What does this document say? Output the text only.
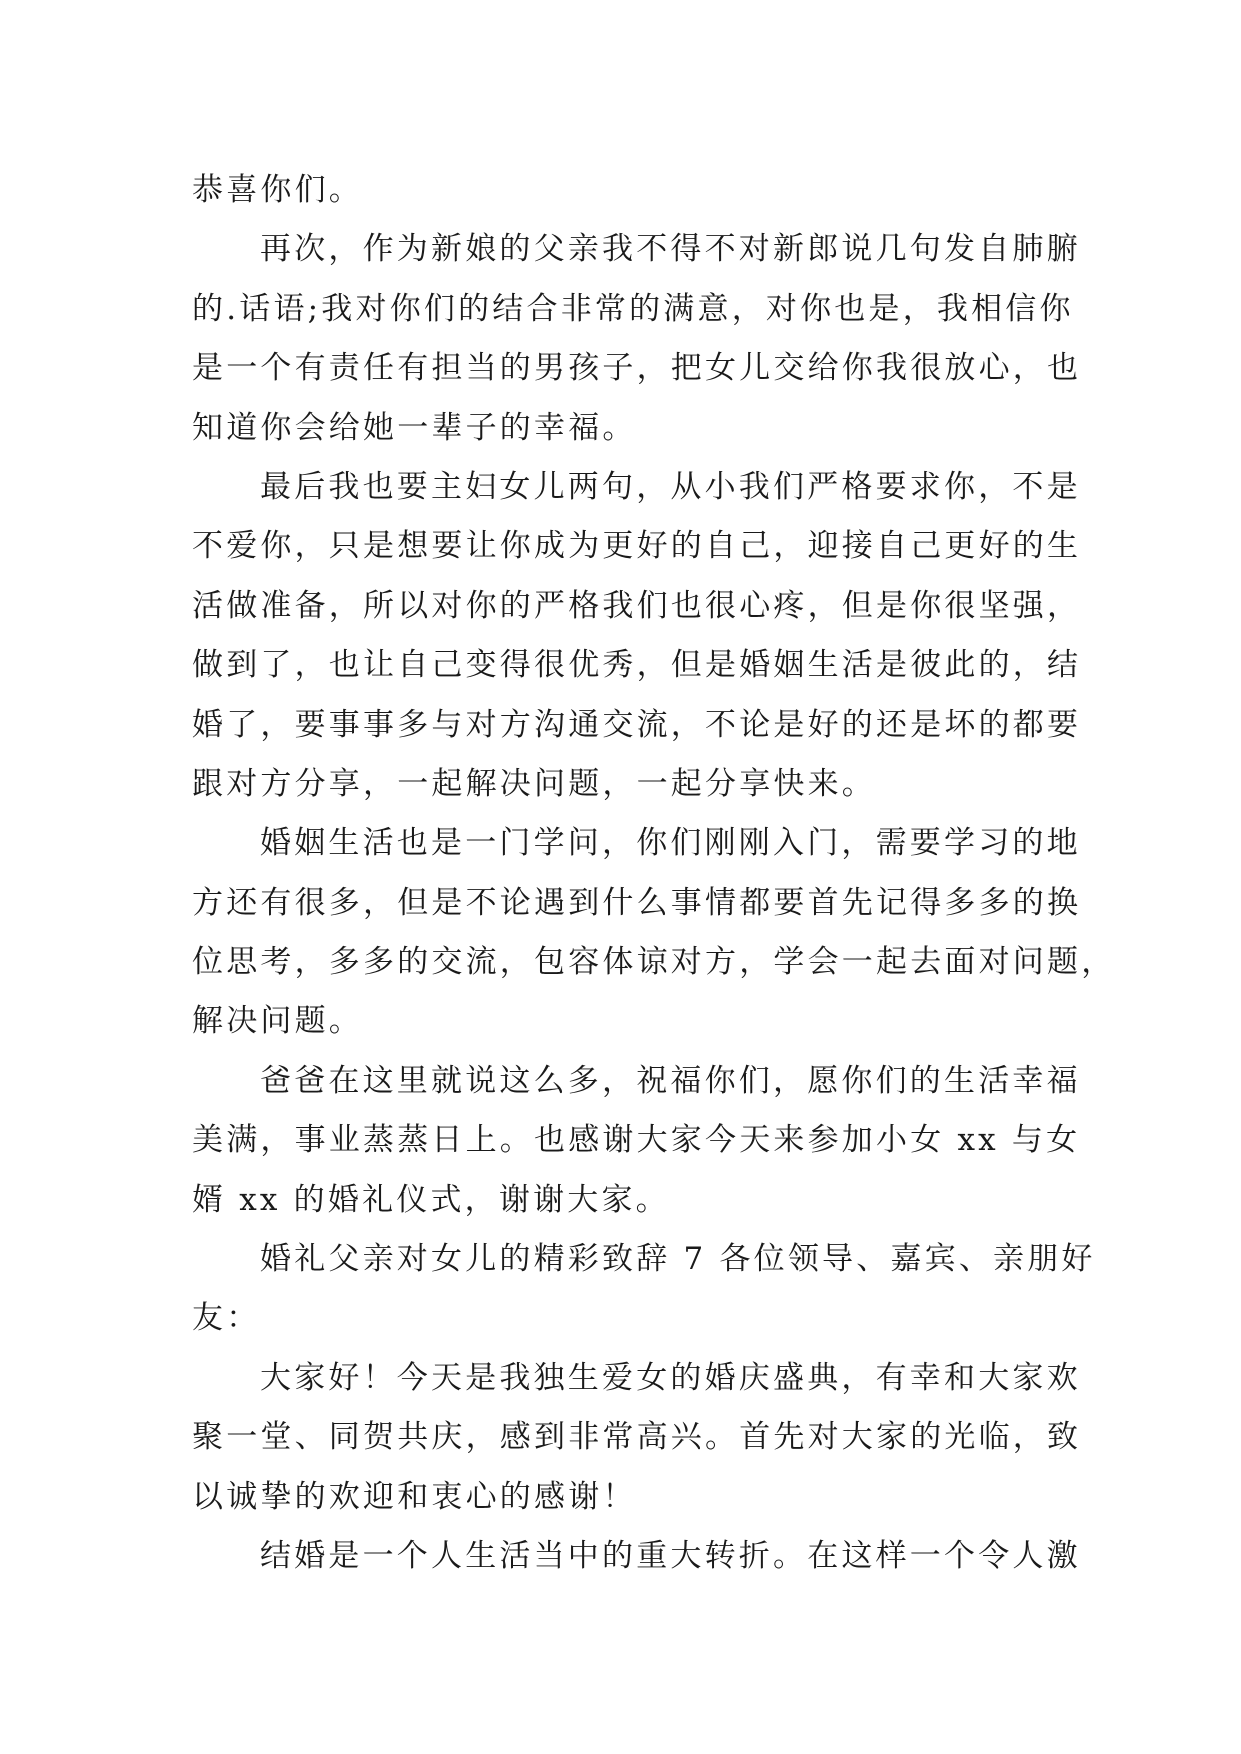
恭喜你们。
再次，作为新娘的父亲我不得不对新郎说几句发自肺腑
的.话语;我对你们的结合非常的满意，对你也是，我相信你
是一个有责任有担当的男孩子，把女儿交给你我很放心，也
知道你会给她一辈子的幸福。
最后我也要主妇女儿两句，从小我们严格要求你，不是
不爱你，只是想要让你成为更好的自己，迎接自己更好的生
活做准备，所以对你的严格我们也很心疼，但是你很坚强，
做到了，也让自己变得很优秀，但是婚姻生活是彼此的，结
婚了，要事事多与对方沟通交流，不论是好的还是坏的都要
跟对方分享，一起解决问题，一起分享快来。
婚姻生活也是一门学问，你们刚刚入门，需要学习的地
方还有很多，但是不论遇到什么事情都要首先记得多多的换
位思考，多多的交流，包容体谅对方，学会一起去面对问题，
解决问题。
爸爸在这里就说这么多，祝福你们，愿你们的生活幸福
美满，事业蒸蒸日上。也感谢大家今天来参加小女 xx 与女
婿 xx 的婚礼仪式，谢谢大家。
婚礼父亲对女儿的精彩致辞 7 各位领导、嘉宾、亲朋好
友：
大家好！今天是我独生爱女的婚庆盛典，有幸和大家欢
聚一堂、同贺共庆，感到非常高兴。首先对大家的光临，致
以诚挚的欢迎和衷心的感谢！
结婚是一个人生活当中的重大转折。在这样一个令人激
